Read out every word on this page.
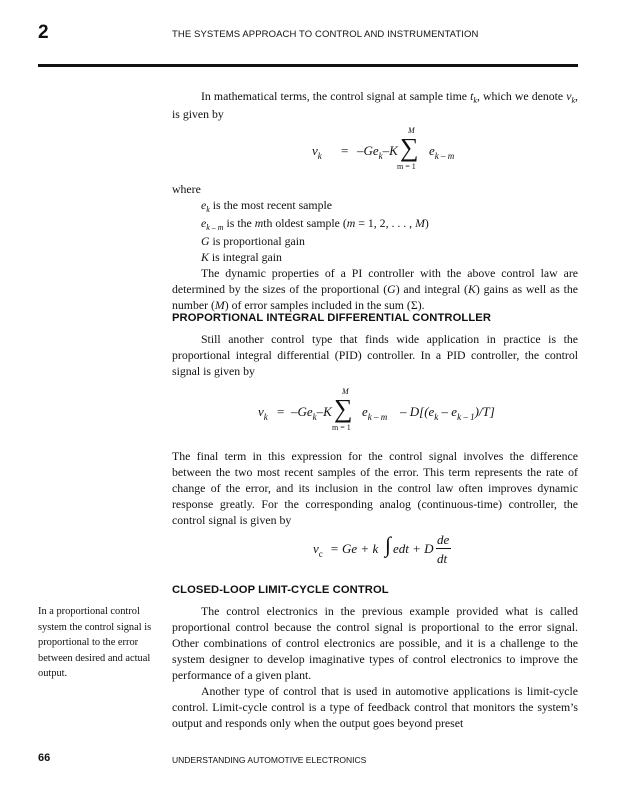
2	THE SYSTEMS APPROACH TO CONTROL AND INSTRUMENTATION

In mathematical terms, the control signal at sample time $t_k$, which we denote $v_k$, is given by

$v_k = -Ge_k-K$
M
∑
m = 1
$e_{k - m}$

where

$e_k$ is the most recent sample
$e_{k - m}$ is the mth oldest sample (m = 1, 2, . . . , M)
G is proportional gain
K is integral gain

The dynamic properties of a PI controller with the above control law are determined by the sizes of the proportional (G) and integral (K) gains as well as the number (M) of error samples included in the sum (Σ).

PROPORTIONAL INTEGRAL DIFFERENTIAL CONTROLLER

Still another control type that finds wide application in practice is the proportional integral differential (PID) controller. In a PID controller, the control signal is given by

$v_k = -Ge_k-K$
M
∑
m = 1
$e_{k - m} - D[(e_k - e_{k - 1})/T]$

The final term in this expression for the control signal involves the difference between the two most recent samples of the error. This term represents the rate of change of the error, and its inclusion in the control law often improves dynamic response greatly. For the corresponding analog (continuous-time) controller, the control signal is given by

$v_c = Ge + k$ ∫ edt + D
de
dt
CLOSED-LOOP LIMIT-CYCLE CONTROL
In a proportional control system the control signal is proportional to the error between desired and actual output.

The control electronics in the previous example provided what is called proportional control because the control signal is proportional to the error signal. Other combinations of control electronics are possible, and it is a challenge to the system designer to develop imaginative types of control electronics to improve the performance of a given plant.

Another type of control that is used in automotive applications is limit-cycle control. Limit-cycle control is a type of feedback control that monitors the system’s output and responds only when the output goes beyond preset

66	UNDERSTANDING AUTOMOTIVE ELECTRONICS
